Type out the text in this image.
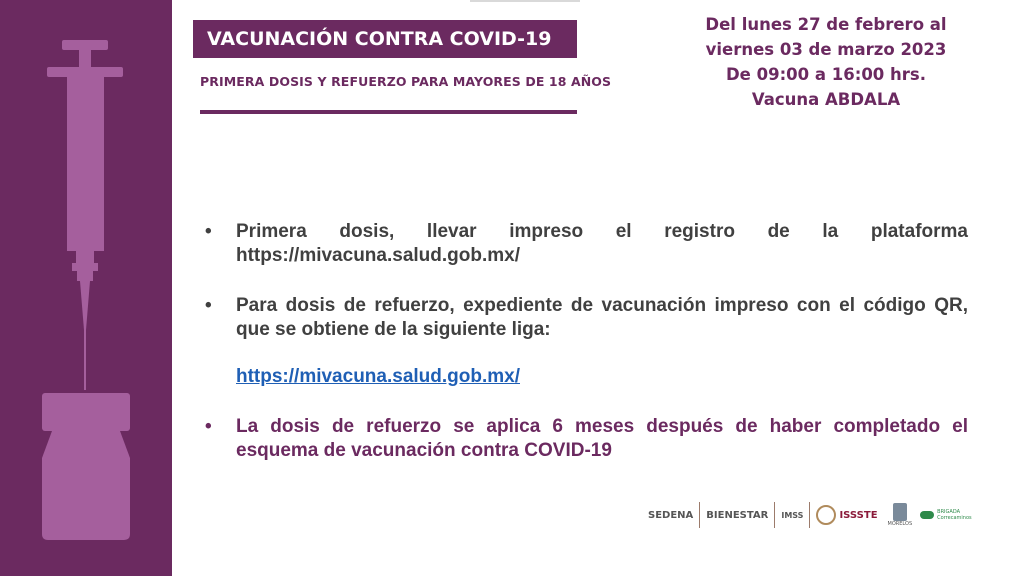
VACUNACIÓN CONTRA COVID-19
PRIMERA DOSIS Y REFUERZO PARA MAYORES DE 18 AÑOS
Del lunes 27 de febrero al
viernes 03 de marzo 2023
De 09:00 a 16:00 hrs.
Vacuna ABDALA
• Primera dosis, llevar impreso el registro de la plataforma https://mivacuna.salud.gob.mx/
• Para dosis de refuerzo, expediente de vacunación impreso con el código QR, que se obtiene de la siguiente liga:
https://mivacuna.salud.gob.mx/
• La dosis de refuerzo se aplica 6 meses después de haber completado el esquema de vacunación contra COVID-19
SEDENA BIENESTAR IMSS	ISSSTE
MORELOS
BRIGADA Correcaminos
